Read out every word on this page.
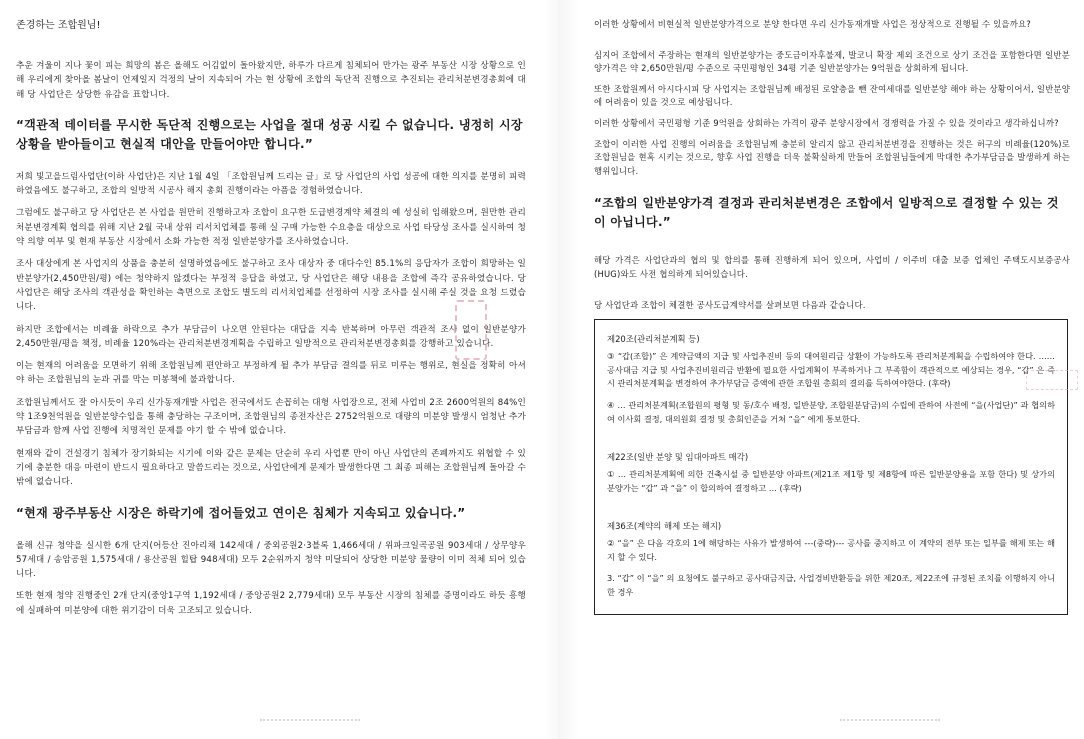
존경하는 조합원님!

추운 겨울이 지나 꽃이 피는 희망의 봄은 올해도 어김없이 돌아왔지만, 하루가 다르게 침체되어 만가는 광주 부동산 시장 상황으로 인해 우리에게 찾아올 봄날이 언제일지 걱정의 날이 지속되어 가는 현 상황에 조합의 독단적 진행으로 추진되는 관리처분변경총회에 대해 당 사업단은 상당한 유감을 표합니다.

“객관적 데이터를 무시한 독단적 진행으로는 사업을 절대 성공 시킬 수 없습니다. 냉정히 시장 상황을 받아들이고 현실적 대안을 만들어야만 합니다.”

저희 빛고을드림사업단(이하 사업단)은 지난 1월 4일 「조합원님께 드리는 글」로 당 사업단의 사업 성공에 대한 의지를 분명히 피력하였음에도 불구하고, 조합의 일방적 시공사 해지 총회 진행이라는 아픔을 경험하였습니다.

그럼에도 불구하고 당 사업단은 본 사업을 원만히 진행하고자 조합이 요구한 도급변경계약 체결의 예 성실히 임해왔으며, 원만한 관리처분변경계획 협의를 위해 지난 2월 국내 상위 리서치업체를 통해 실 구매 가능한 수요층을 대상으로 사업 타당성 조사를 실시하여 청약 의향 여부 및 현재 부동산 시장에서 소화 가능한 적정 일반분양가를 조사하였습니다.

조사 대상에게 본 사업지의 상품을 충분히 설명하였음에도 불구하고 조사 대상자 중 대다수인 85.1%의 응답자가 조합이 희망하는 일반분양가(2,450만원/평) 에는 청약하지 않겠다는 부정적 응답을 하였고, 당 사업단은 해당 내용을 조합에 즉각 공유하였습니다. 당 사업단은 해당 조사의 객관성을 확인하는 측면으로 조합도 별도의 리서치업체를 선정하여 시장 조사를 실시해 주실 것을 요청 드렸습니다.

하지만 조합에서는 비례율 하락으로 추가 부담금이 나오면 안된다는 대답을 지속 반복하며 아무런 객관적 조사 없이 일반분양가 2,450만원/평을 책정, 비례율 120%라는 관리처분변경계획을 수립하고 일방적으로 관리처분변경총회를 강행하고 있습니다.

이는 현재의 어려움을 모면하기 위해 조합원님께 편안하고 부정하게 될 추가 부담금 결의를 뒤로 미루는 행위로, 현실을 정확히 아셔야 하는 조합원님의 눈과 귀를 막는 미봉책에 불과합니다.

조합원님께서도 잘 아시듯이 우리 신가동재개발 사업은 전국에서도 손꼽히는 대형 사업장으로, 전체 사업비 2조 2600억원의 84%인 약 1조9천억원을 일반분양수입을 통해 충당하는 구조이며, 조합원님의 종전자산은 2752억원으로 대량의 미분양 발생시 엄청난 추가부담금과 함께 사업 진행에 치명적인 문제를 야기 할 수 밖에 없습니다.

현재와 같이 건설경기 침체가 장기화되는 시기에 이와 같은 문제는 단순히 우리 사업뿐 만이 아닌 사업단의 존폐까지도 위협할 수 있기에 충분한 대응 마련이 반드시 필요하다고 말씀드리는 것으로, 사업단에게 문제가 발생한다면 그 최종 피해는 조합원님께 돌아갈 수 밖에 없습니다.

“현재 광주부동산 시장은 하락기에 접어들었고 연이은 침체가 지속되고 있습니다.”

올해 신규 청약을 실시한 6개 단지(어등산 진아리채 142세대 / 중외공원2·3블록 1,466세대 / 위파크일곡공원 903세대 / 상무양우 57세대 / 송암공원 1,575세대 / 용산공원 힐탑 948세대) 모두 2순위까지 청약 미달되어 상당한 미분양 물량이 이미 적체 되어 있습니다.

또한 현재 청약 진행중인 2개 단지(중앙1구역 1,192세대 / 중앙공원2 2,779세대) 모두 부동산 시장의 침체를 증명이라도 하듯 흥행에 실패하여 미분양에 대한 위기감이 더욱 고조되고 있습니다.

이러한 상황에서 비현실적 일반분양가격으로 분양 한다면 우리 신가동재개발 사업은 정상적으로 진행될 수 있을까요?

심지어 조합에서 주장하는 현재의 일반분양가는 중도금이자후불제, 발코니 확장 제외 조건으로 상기 조건을 포함한다면 일반분양가격은 약 2,650만원/평 수준으로 국민평형인 34평 기준 일반분양가는 9억원을 상회하게 됩니다.

또한 조합원께서 아시다시피 당 사업지는 조합원님께 배정된 로얄층을 뺀 잔여세대를 일반분양 해야 하는 상황이어서, 일반분양에 어려움이 있을 것으로 예상됩니다.

이러한 상황에서 국민평형 기준 9억원을 상회하는 가격이 광주 분양시장에서 경쟁력을 가질 수 있을 것이라고 생각하십니까?

조합이 이러한 사업 진행의 어려움을 조합원님께 충분히 알리지 않고 관리처분변경을 진행하는 것은 허구의 비례율(120%)로 조합원님을 현혹 시키는 것으로, 향후 사업 진행을 더욱 불확실하게 만들어 조합원님들에게 막대한 추가부담금을 발생하게 하는 행위입니다.

“조합의 일반분양가격 결정과 관리처분변경은 조합에서 일방적으로 결정할 수 있는 것이 아닙니다.”

해당 가격은 사업단과의 협의 및 합의를 통해 진행하게 되어 있으며, 사업비 / 이주비 대출 보증 업체인 주택도시보증공사(HUG)와도 사전 협의하게 되어있습니다.

당 사업단과 조합이 체결한 공사도급계약서를 살펴보면 다음과 같습니다.

제20조(관리처분계획 등)

③ “갑(조합)” 은 계약금액의 지급 및 사업추진비 등의 대여원리금 상환이 가능하도록 관리처분계획을 수립하여야 한다. …… 공사대금 지급 및 사업추진비원리금 반환에 필요한 사업계획이 부족하거나 그 부족함이 객관적으로 예상되는 경우, “갑” 은 즉시 관리처분계획을 변경하여 추가부담금 증액에 관한 조합원 총회의 결의를 득하여야한다. (후략)

④ … 관리처분계획(조합원의 평형 및 동/호수 배정, 일반분양, 조합원분담금)의 수립에 관하여 사전에 “을(사업단)” 과 협의하여 이사회 결정, 대의원회 결정 및 총회인준을 거쳐 “을” 에게 통보한다.

제22조(일반 분양 및 임대아파트 매각)

① … 관리처분계획에 의한 건축시설 중 일반분양 아파트(제21조 제1항 및 제8항에 따른 일반분양용을 포함 한다) 및 상가의 분양가는 “갑” 과 “을” 이 합의하여 결정하고 … (후략)

제36조(계약의 해제 또는 해지)

② “을” 은 다음 각호의 1에 해당하는 사유가 발생하여 ---(중략)--- 공사를 중지하고 이 계약의 전부 또는 일부를 해제 또는 해지 할 수 있다.

3. “갑” 이 “을” 의 요청에도 불구하고 공사대금지급, 사업경비반환등을 위한 제20조, 제22조에 규정된 조치를 이행하지 아니한 경우
